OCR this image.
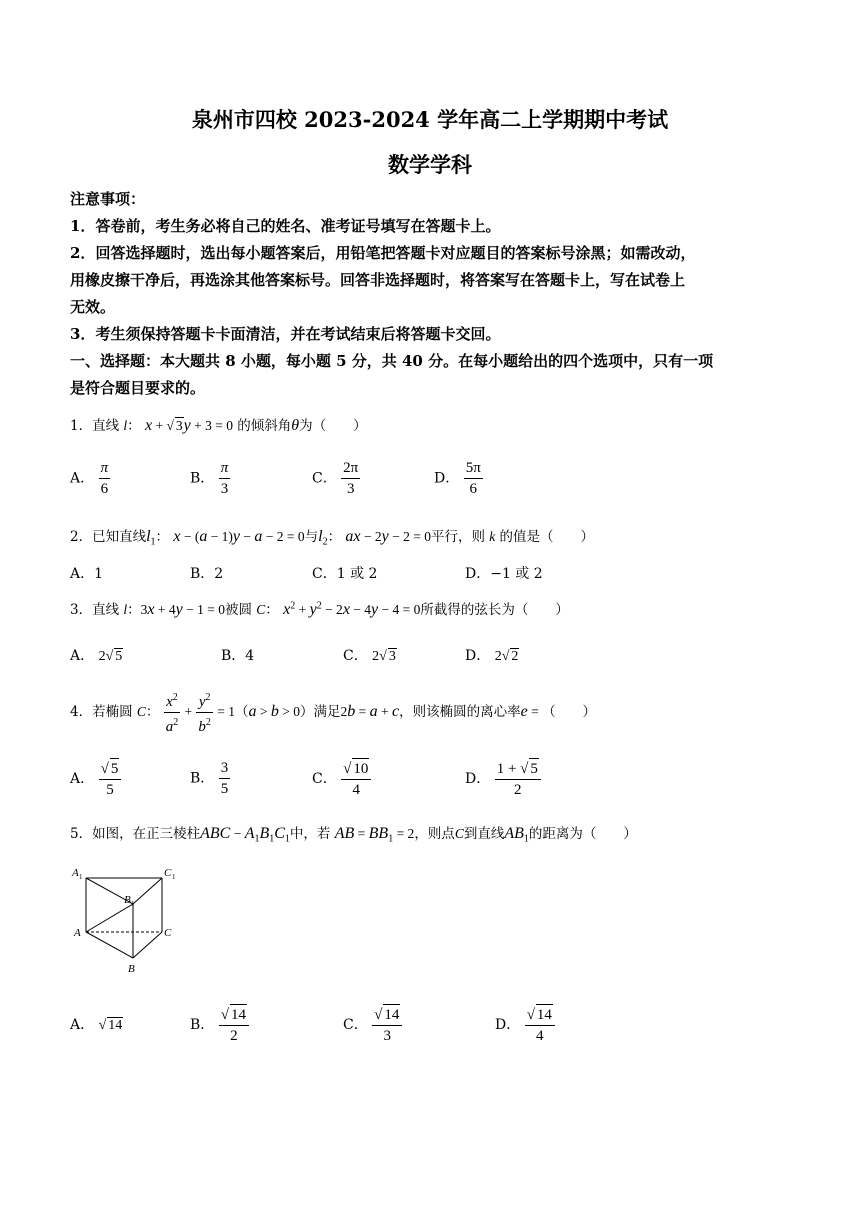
泉州市四校 2023-2024 学年高二上学期期中考试
数学学科
注意事项：
1．答卷前，考生务必将自己的姓名、准考证号填写在答题卡上。
2．回答选择题时，选出每小题答案后，用铅笔把答题卡对应题目的答案标号涂黑；如需改动，
用橡皮擦干净后，再选涂其他答案标号。回答非选择题时，将答案写在答题卡上，写在试卷上
无效。
3．考生须保持答题卡卡面清洁，并在考试结束后将答题卡交回。
一、选择题：本大题共 8 小题，每小题 5 分，共 40 分。在每小题给出的四个选项中，只有一项
是符合题目要求的。
1．直线 l： x + √ 3y + 3 = 0 的倾斜角θ为（　　）
A． $\frac{\pi}{6}$	B． $\frac{\pi}{3}$	C． $\frac{2\pi}{3}$	D． $\frac{5\pi}{6}$
2．已知直线$l_1$： x − (a − 1)y − a − 2 = 0与$l_2$： ax − 2y − 2 = 0平行，则 k 的值是（　　）
A．1	B．2	C．1 或 2	D．−1 或 2
3．直线 l：3x + 4y − 1 = 0被圆 C： $x^2 + y^2 - 2x - 4y - 4 = 0$所截得的弦长为（　　）
A． 2√ 5	B．4	C． 2√ 3	D． 2√ 2
4．若椭圆 C： $\frac{x^2}{a^2} + \frac{y^2}{b^2} = 1(a > b > 0)$满足2b = a + c，则该椭圆的离心率e = （　　）
A． $\frac{√ 5}{5}$	B． $\frac{3}{5}$	C． $\frac{√ 10}{4}$	D． $\frac{1 + √ 5}{2}$
5．如图，在正三棱柱ABC − $A_1B_1C_1$中，若 AB = $BB_1 = 2$，则点C到直线$AB_1$的距离为（　　）
A 1	C 1
B 1
A	C
B
A． √ 14	B． $\frac{√ 14}{2}$	C． $\frac{√ 14}{3}$	D． $\frac{√ 14}{4}$
